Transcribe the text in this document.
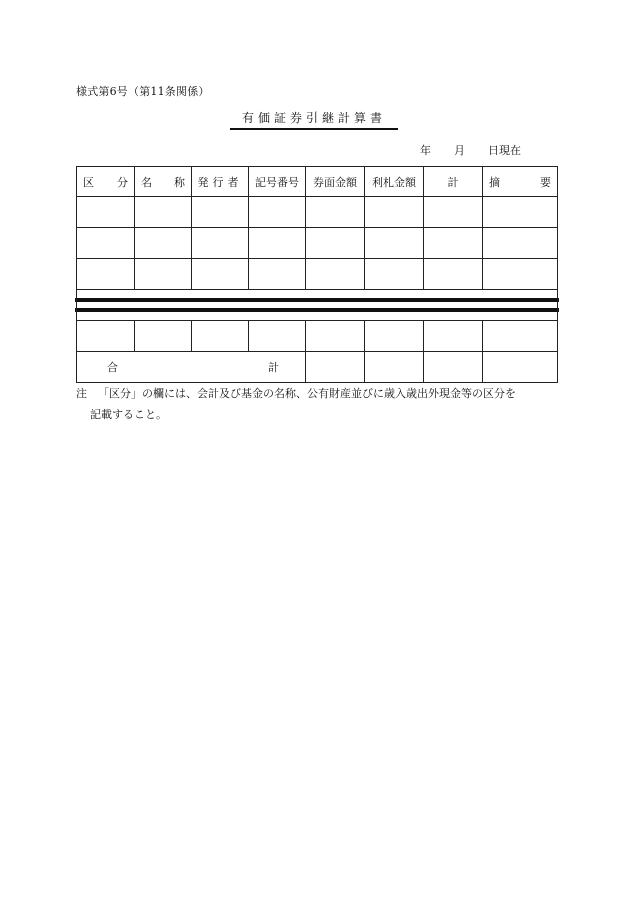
様式第6号（第11条関係）
有価証券引継計算書
年 月 日現在
区 分	名 称	発行者	記号番号	券面金額	利札金額	計	摘 要

合 計							

注 「区分」の欄には、会計及び基金の名称、公有財産並びに歳入歳出外現金等の区分を
記載すること。
